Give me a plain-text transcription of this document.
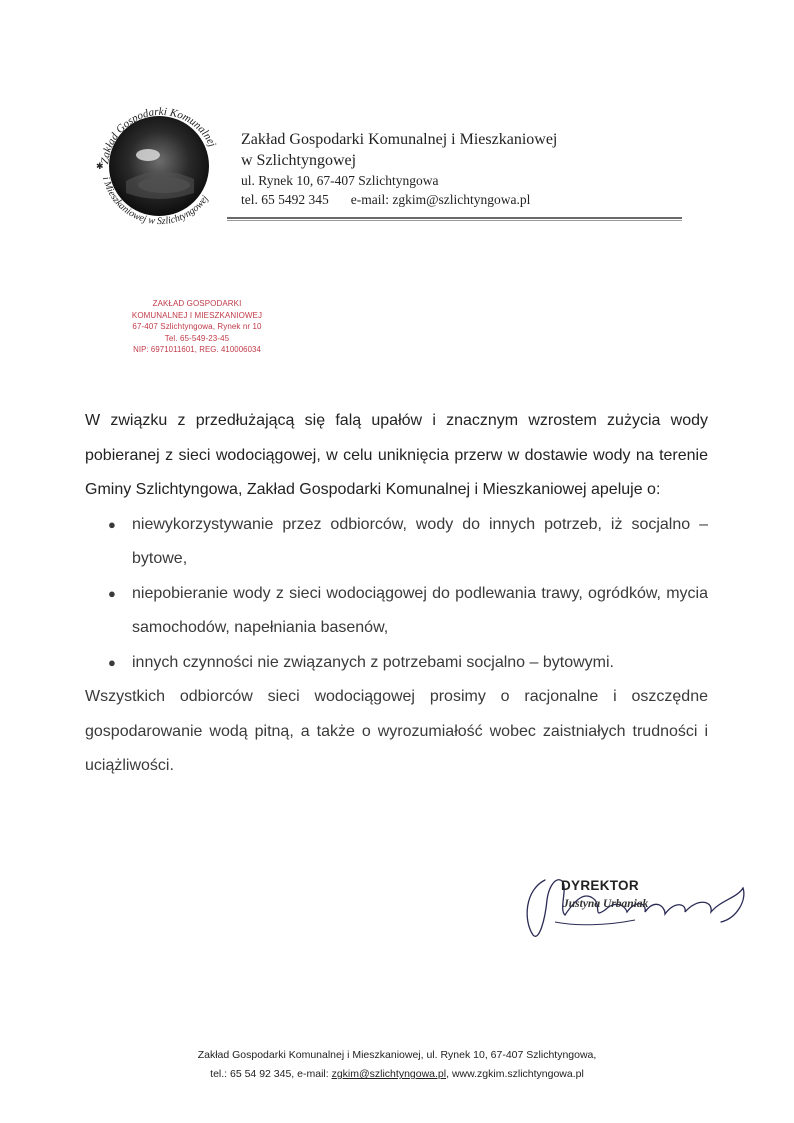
Zakład Gospodarki Komunalnej
i Mieszkaniowej w Szlichtyngowej
✱
Zakład Gospodarki Komunalnej i Mieszkaniowej
w Szlichtyngowej
ul. Rynek 10, 67-407 Szlichtyngowa
tel. 65 5492 345 e-mail: zgkim@szlichtyngowa.pl
ZAKŁAD GOSPODARKI
KOMUNALNEJ I MIESZKANIOWEJ
67-407 Szlichtyngowa, Rynek nr 10
Tel. 65-549-23-45
NIP: 6971011601, REG. 410006034

W związku z przedłużającą się falą upałów i znacznym wzrostem zużycia wody pobieranej z sieci wodociągowej, w celu uniknięcia przerw w dostawie wody na terenie Gminy Szlichtyngowa, Zakład Gospodarki Komunalnej i Mieszkaniowej apeluje o:

● niewykorzystywanie przez odbiorców, wody do innych potrzeb, iż socjalno – bytowe,
● niepobieranie wody z sieci wodociągowej do podlewania trawy, ogródków, mycia samochodów, napełniania basenów,
● innych czynności nie związanych z potrzebami socjalno – bytowymi.

Wszystkich odbiorców sieci wodociągowej prosimy o racjonalne i oszczędne gospodarowanie wodą pitną, a także o wyrozumiałość wobec zaistniałych trudności i uciążliwości.

DYREKTOR
Justyna Urbaniak
Zakład Gospodarki Komunalnej i Mieszkaniowej, ul. Rynek 10, 67-407 Szlichtyngowa,
tel.: 65 54 92 345, e-mail: zgkim@szlichtyngowa.pl, www.zgkim.szlichtyngowa.pl
